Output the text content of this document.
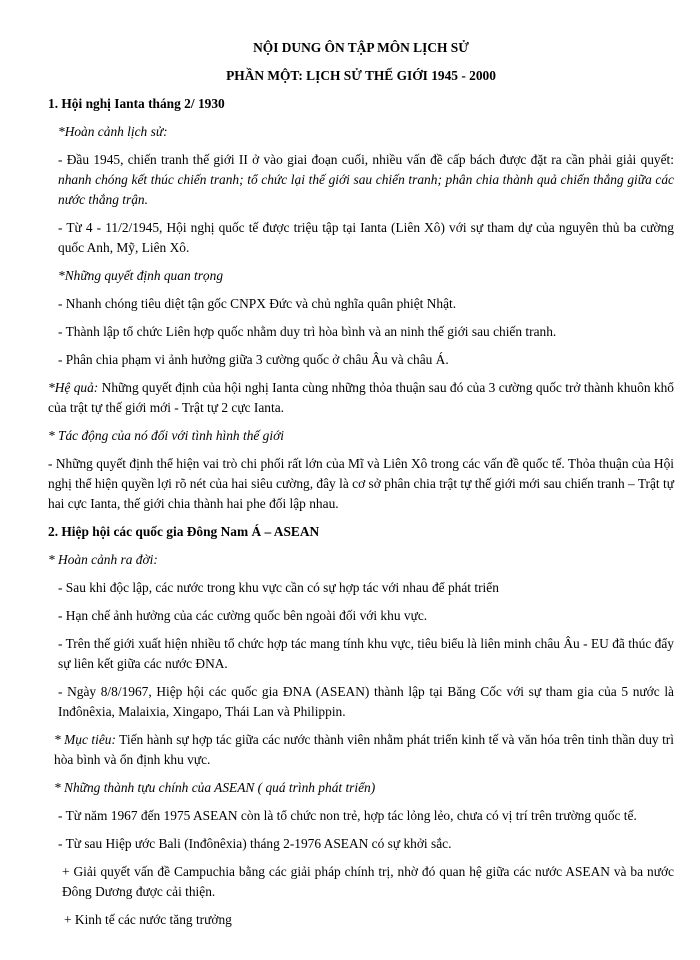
NỘI DUNG ÔN TẬP MÔN LỊCH SỬ

PHẦN MỘT: LỊCH SỬ THẾ GIỚI 1945 - 2000

1. Hội nghị Ianta tháng 2/ 1930

*Hoàn cảnh lịch sử:

- Đầu 1945, chiến tranh thế giới II ở vào giai đoạn cuối, nhiều vấn đề cấp bách được đặt ra cần phải giải quyết: nhanh chóng kết thúc chiến tranh; tổ chức lại thế giới sau chiến tranh; phân chia thành quả chiến thắng giữa các nước thắng trận.

- Từ 4 - 11/2/1945, Hội nghị quốc tế được triệu tập tại Ianta (Liên Xô) với sự tham dự của nguyên thủ ba cường quốc Anh, Mỹ, Liên Xô.

*Những quyết định quan trọng

- Nhanh chóng tiêu diệt tận gốc CNPX Đức và chủ nghĩa quân phiệt Nhật.

- Thành lập tổ chức Liên hợp quốc nhằm duy trì hòa bình và an ninh thế giới sau chiến tranh.

- Phân chia phạm vi ảnh hưởng giữa 3 cường quốc ở châu Âu và châu Á.

*Hệ quả: Những quyết định của hội nghị Ianta cùng những thỏa thuận sau đó của 3 cường quốc trở thành khuôn khổ của trật tự thế giới mới - Trật tự 2 cực Ianta.

* Tác động của nó đối với tình hình thế giới

- Những quyết định thể hiện vai trò chi phối rất lớn của Mĩ và Liên Xô trong các vấn đề quốc tế. Thỏa thuận của Hội nghị thể hiện quyền lợi rõ nét của hai siêu cường, đây là cơ sở phân chia trật tự thế giới mới sau chiến tranh – Trật tự hai cực Ianta, thế giới chia thành hai phe đối lập nhau.

2. Hiệp hội các quốc gia Đông Nam Á – ASEAN

* Hoàn cảnh ra đời:

- Sau khi độc lập, các nước trong khu vực cần có sự hợp tác với nhau để phát triển

- Hạn chế ảnh hưởng của các cường quốc bên ngoài đối với khu vực.

- Trên thế giới xuất hiện nhiều tổ chức hợp tác mang tính khu vực, tiêu biểu là liên minh châu Âu - EU đã thúc đẩy sự liên kết giữa các nước ĐNA.

- Ngày 8/8/1967, Hiệp hội các quốc gia ĐNA (ASEAN) thành lập tại Băng Cốc với sự tham gia của 5 nước là Inđônêxia, Malaixia, Xingapo, Thái Lan và Philippin.

* Mục tiêu: Tiến hành sự hợp tác giữa các nước thành viên nhằm phát triển kinh tế và văn hóa trên tinh thần duy trì hòa bình và ổn định khu vực.

* Những thành tựu chính của ASEAN ( quá trình phát triển)

- Từ năm 1967 đến 1975 ASEAN còn là tổ chức non trẻ, hợp tác lỏng lẻo, chưa có vị trí trên trường quốc tế.

- Từ sau Hiệp ước Bali (Inđônêxia) tháng 2-1976 ASEAN có sự khởi sắc.

+ Giải quyết vấn đề Campuchia bằng các giải pháp chính trị, nhờ đó quan hệ giữa các nước ASEAN và ba nước Đông Dương được cải thiện.

+ Kinh tế các nước tăng trưởng
